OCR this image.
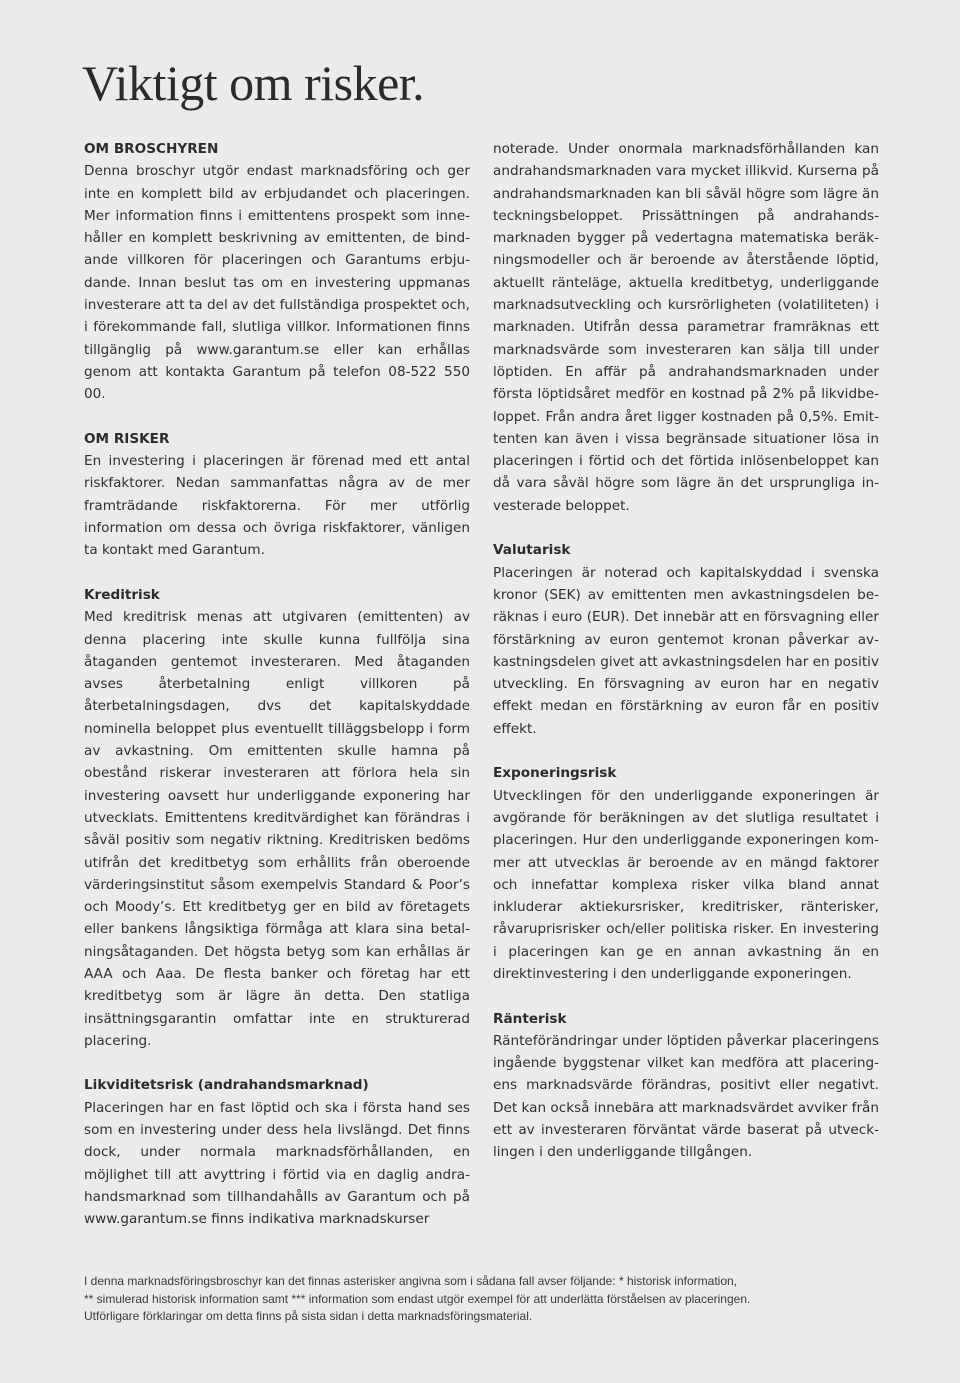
Viktigt om risker.
OM BROSCHYREN

Denna broschyr utgör endast marknadsföring och ger inte en komplett bild av erbjudandet och placeringen. Mer information finns i emittentens prospekt som innehåller en komplett beskrivning av emittenten, de bindande villkoren för placeringen och Garantums erbjudande. Innan beslut tas om en investering uppmanas investerare att ta del av det fullständiga prospektet och, i förekommande fall, slutliga villkor. Informationen finns tillgänglig på www.garantum.se eller kan erhållas genom att kontakta Garantum på telefon 08-522 550 00.

OM RISKER

En investering i placeringen är förenad med ett antal riskfaktorer. Nedan sammanfattas några av de mer framträdande riskfaktorerna. För mer utförlig information om dessa och övriga riskfaktorer, vänligen ta kontakt med Garantum.

Kreditrisk

Med kreditrisk menas att utgivaren (emittenten) av denna placering inte skulle kunna fullfölja sina åtaganden gentemot investeraren. Med åtaganden avses återbetalning enligt villkoren på återbetalningsdagen, dvs det kapitalskyddade nominella beloppet plus eventuellt tilläggsbelopp i form av avkastning. Om emittenten skulle hamna på obestånd riskerar investeraren att förlora hela sin investering oavsett hur underliggande exponering har utvecklats. Emittentens kreditvärdighet kan förändras i såväl positiv som negativ riktning. Kreditrisken bedöms utifrån det kreditbetyg som erhållits från oberoende värderingsinstitut såsom exempelvis Standard & Poor’s och Moody’s. Ett kreditbetyg ger en bild av företagets eller bankens långsiktiga förmåga att klara sina betalningsåtaganden. Det högsta betyg som kan erhållas är AAA och Aaa. De flesta banker och företag har ett kreditbetyg som är lägre än detta. Den statliga insättningsgarantin omfattar inte en strukturerad placering.

Likviditetsrisk (andrahandsmarknad)

Placeringen har en fast löptid och ska i första hand ses som en investering under dess hela livslängd. Det finns dock, under normala marknadsförhållanden, en möjlighet till att avyttring i förtid via en daglig andrahandsmarknad som tillhandahålls av Garantum och på www.garantum.se finns indikativa marknadskurser

noterade. Under onormala marknadsförhållanden kan andrahandsmarknaden vara mycket illikvid. Kurserna på andrahandsmarknaden kan bli såväl högre som lägre än teckningsbeloppet. Prissättningen på andrahandsmarknaden bygger på vedertagna matematiska beräkningsmodeller och är beroende av återstående löptid, aktuellt ränteläge, aktuella kreditbetyg, underliggande marknadsutveckling och kursrörligheten (volatiliteten) i marknaden. Utifrån dessa parametrar framräknas ett marknadsvärde som investeraren kan sälja till under löptiden. En affär på andrahandsmarknaden under första löptidsåret medför en kostnad på 2% på likvidbeloppet. Från andra året ligger kostnaden på 0,5%. Emittenten kan även i vissa begränsade situationer lösa in placeringen i förtid och det förtida inlösenbeloppet kan då vara såväl högre som lägre än det ursprungliga investerade beloppet.

Valutarisk

Placeringen är noterad och kapitalskyddad i svenska kronor (SEK) av emittenten men avkastningsdelen beräknas i euro (EUR). Det innebär att en försvagning eller förstärkning av euron gentemot kronan påverkar avkastningsdelen givet att avkastningsdelen har en positiv utveckling. En försvagning av euron har en negativ effekt medan en förstärkning av euron får en positiv effekt.

Exponeringsrisk

Utvecklingen för den underliggande exponeringen är avgörande för beräkningen av det slutliga resultatet i placeringen. Hur den underliggande exponeringen kommer att utvecklas är beroende av en mängd faktorer och innefattar komplexa risker vilka bland annat inkluderar aktiekursrisker, kreditrisker, ränterisker, råvaruprisrisker och/eller politiska risker. En investering i placeringen kan ge en annan avkastning än en direktinvestering i den underliggande exponeringen.

Ränterisk

Ränteförändringar under löptiden påverkar placeringens ingående byggstenar vilket kan medföra att placeringens marknadsvärde förändras, positivt eller negativt. Det kan också innebära att marknadsvärdet avviker från ett av investeraren förväntat värde baserat på utvecklingen i den underliggande tillgången.

I denna marknadsföringsbroschyr kan det finnas asterisker angivna som i sådana fall avser följande: * historisk information,
** simulerad historisk information samt *** information som endast utgör exempel för att underlätta förståelsen av placeringen.
Utförligare förklaringar om detta finns på sista sidan i detta marknadsföringsmaterial.
